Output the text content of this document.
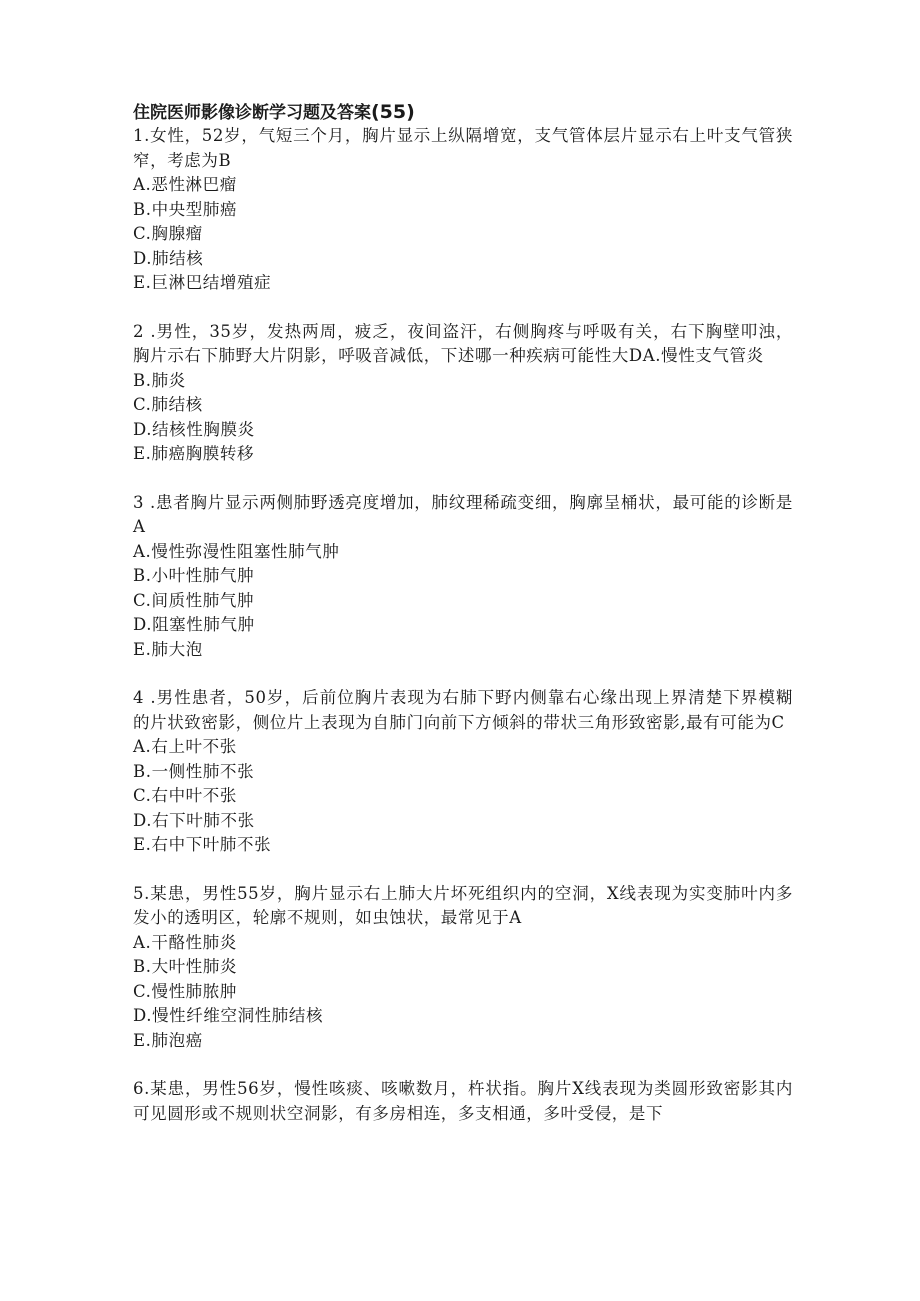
住院医师影像诊断学习题及答案(55)

1.女性，52岁，气短三个月，胸片显示上纵隔增宽，支气管体层片显示右上叶支气管狭窄，考虑为B

A.恶性淋巴瘤
B.中央型肺癌
C.胸腺瘤
D.肺结核
E.巨淋巴结增殖症

2 .男性，35岁，发热两周，疲乏，夜间盗汗，右侧胸疼与呼吸有关，右下胸壁叩浊，胸片示右下肺野大片阴影，呼吸音减低，下述哪一种疾病可能性大DA.慢性支气管炎

B.肺炎
C.肺结核
D.结核性胸膜炎
E.肺癌胸膜转移

3 .患者胸片显示两侧肺野透亮度增加，肺纹理稀疏变细，胸廓呈桶状，最可能的诊断是A

A.慢性弥漫性阻塞性肺气肿
B.小叶性肺气肿
C.间质性肺气肿
D.阻塞性肺气肿
E.肺大泡

4 .男性患者，50岁，后前位胸片表现为右肺下野内侧靠右心缘出现上界清楚下界模糊的片状致密影，侧位片上表现为自肺门向前下方倾斜的带状三角形致密影,最有可能为C

A.右上叶不张
B.一侧性肺不张
C.右中叶不张
D.右下叶肺不张
E.右中下叶肺不张

5.某患，男性55岁，胸片显示右上肺大片坏死组织内的空洞，X线表现为实变肺叶内多发小的透明区，轮廓不规则，如虫蚀状，最常见于A

A.干酪性肺炎
B.大叶性肺炎
C.慢性肺脓肿
D.慢性纤维空洞性肺结核
E.肺泡癌

6.某患，男性56岁，慢性咳痰、咳嗽数月，杵状指。胸片X线表现为类圆形致密影其内可见圆形或不规则状空洞影，有多房相连，多支相通，多叶受侵，是下
